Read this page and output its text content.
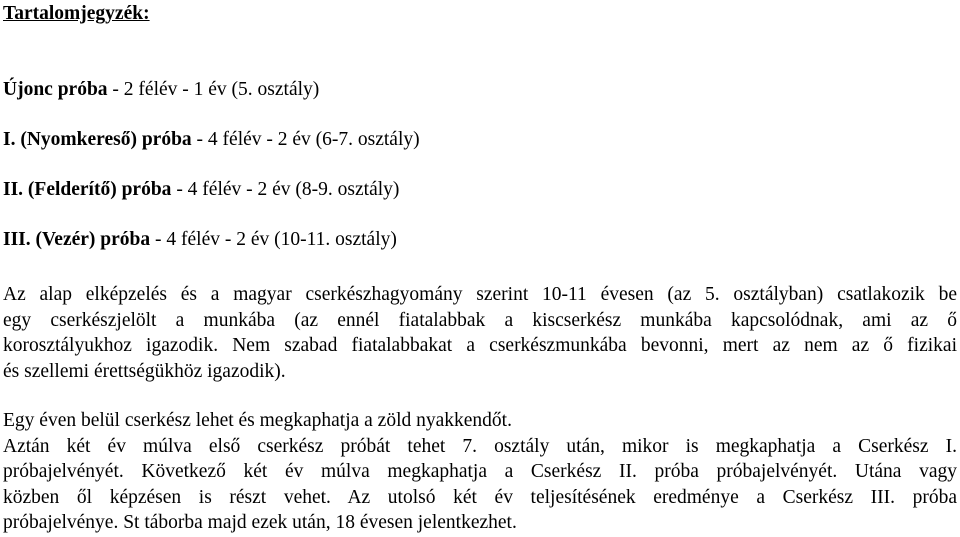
Tartalomjegyzék:
Újonc próba - 2 félév - 1 év (5. osztály)
I. (Nyomkereső) próba - 4 félév - 2 év (6-7. osztály)
II. (Felderítő) próba - 4 félév - 2 év (8-9. osztály)
III. (Vezér) próba - 4 félév - 2 év (10-11. osztály)
Az alap elképzelés és a magyar cserkészhagyomány szerint 10-11 évesen (az 5. osztályban) csatlakozik be
egy cserkészjelölt a munkába (az ennél fiatalabbak a kiscserkész munkába kapcsolódnak, ami az ő
korosztályukhoz igazodik. Nem szabad fiatalabbakat a cserkészmunkába bevonni, mert az nem az ő fizikai
és szellemi érettségükhöz igazodik).
Egy éven belül cserkész lehet és megkaphatja a zöld nyakkendőt.
Aztán két év múlva első cserkész próbát tehet 7. osztály után, mikor is megkaphatja a Cserkész I.
próbajelvényét. Következő két év múlva megkaphatja a Cserkész II. próba próbajelvényét. Utána vagy
közben ől képzésen is részt vehet. Az utolsó két év teljesítésének eredménye a Cserkész III. próba
próbajelvénye. St táborba majd ezek után, 18 évesen jelentkezhet.
